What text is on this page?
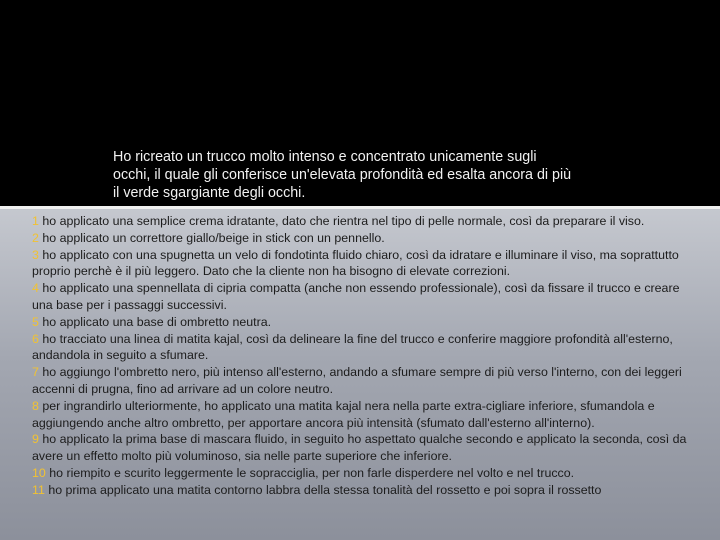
Ho ricreato un trucco molto intenso e concentrato unicamente sugli
occhi, il quale gli conferisce un'elevata profondità ed esalta ancora di più
il verde sgargiante degli occhi.
1 ho applicato una semplice crema idratante, dato che rientra nel tipo di pelle normale, così da preparare il viso.
2 ho applicato un correttore giallo/beige in stick con un pennello.
3 ho applicato con una spugnetta un velo di fondotinta fluido chiaro, così da idratare e illuminare il viso, ma soprattutto proprio perchè è il più leggero. Dato che la cliente non ha bisogno di elevate correzioni.
4 ho applicato una spennellata di cipria compatta (anche non essendo professionale), così da fissare il trucco e creare una base per i passaggi successivi.
5 ho applicato una base di ombretto neutra.
6 ho tracciato una linea di matita kajal, così da delineare la fine del trucco e conferire maggiore profondità all'esterno, andandola in seguito a sfumare.
7 ho aggiungo l'ombretto nero, più intenso all'esterno, andando a sfumare sempre di più verso l'interno, con dei leggeri accenni di prugna, fino ad arrivare ad un colore neutro.
8 per ingrandirlo ulteriormente, ho applicato una matita kajal nera nella parte extra-cigliare inferiore, sfumandola e aggiungendo anche altro ombretto, per apportare ancora più intensità (sfumato dall'esterno all'interno).
9 ho applicato la prima base di mascara fluido, in seguito ho aspettato qualche secondo e applicato la seconda, così da avere un effetto molto più voluminoso, sia nelle parte superiore che inferiore.
10 ho riempito e scurito leggermente le sopracciglia, per non farle disperdere nel volto e nel trucco.
11 ho prima applicato una matita contorno labbra della stessa tonalità del rossetto e poi sopra il rossetto
